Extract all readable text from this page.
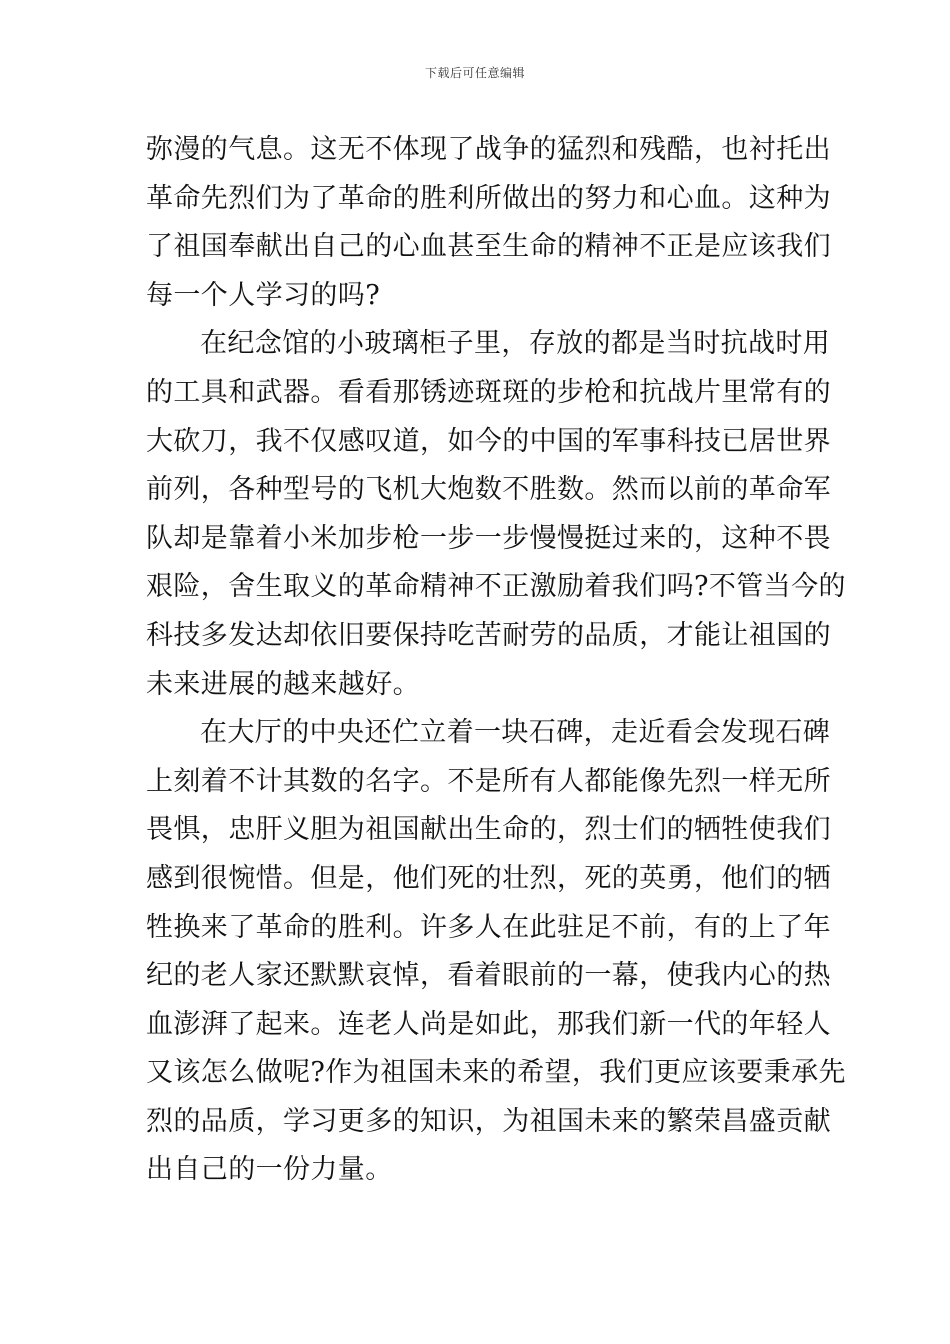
下载后可任意编辑

弥漫的气息。这无不体现了战争的猛烈和残酷，也衬托出
革命先烈们为了革命的胜利所做出的努力和心血。这种为
了祖国奉献出自己的心血甚至生命的精神不正是应该我们
每一个人学习的吗?

在纪念馆的小玻璃柜子里，存放的都是当时抗战时用
的工具和武器。看看那锈迹斑斑的步枪和抗战片里常有的
大砍刀，我不仅感叹道，如今的中国的军事科技已居世界
前列，各种型号的飞机大炮数不胜数。然而以前的革命军
队却是靠着小米加步枪一步一步慢慢挺过来的，这种不畏
艰险，舍生取义的革命精神不正激励着我们吗?不管当今的
科技多发达却依旧要保持吃苦耐劳的品质，才能让祖国的
未来进展的越来越好。

在大厅的中央还伫立着一块石碑，走近看会发现石碑
上刻着不计其数的名字。不是所有人都能像先烈一样无所
畏惧，忠肝义胆为祖国献出生命的，烈士们的牺牲使我们
感到很惋惜。但是，他们死的壮烈，死的英勇，他们的牺
牲换来了革命的胜利。许多人在此驻足不前，有的上了年
纪的老人家还默默哀悼，看着眼前的一幕，使我内心的热
血澎湃了起来。连老人尚是如此，那我们新一代的年轻人
又该怎么做呢?作为祖国未来的希望，我们更应该要秉承先
烈的品质，学习更多的知识，为祖国未来的繁荣昌盛贡献
出自己的一份力量。
